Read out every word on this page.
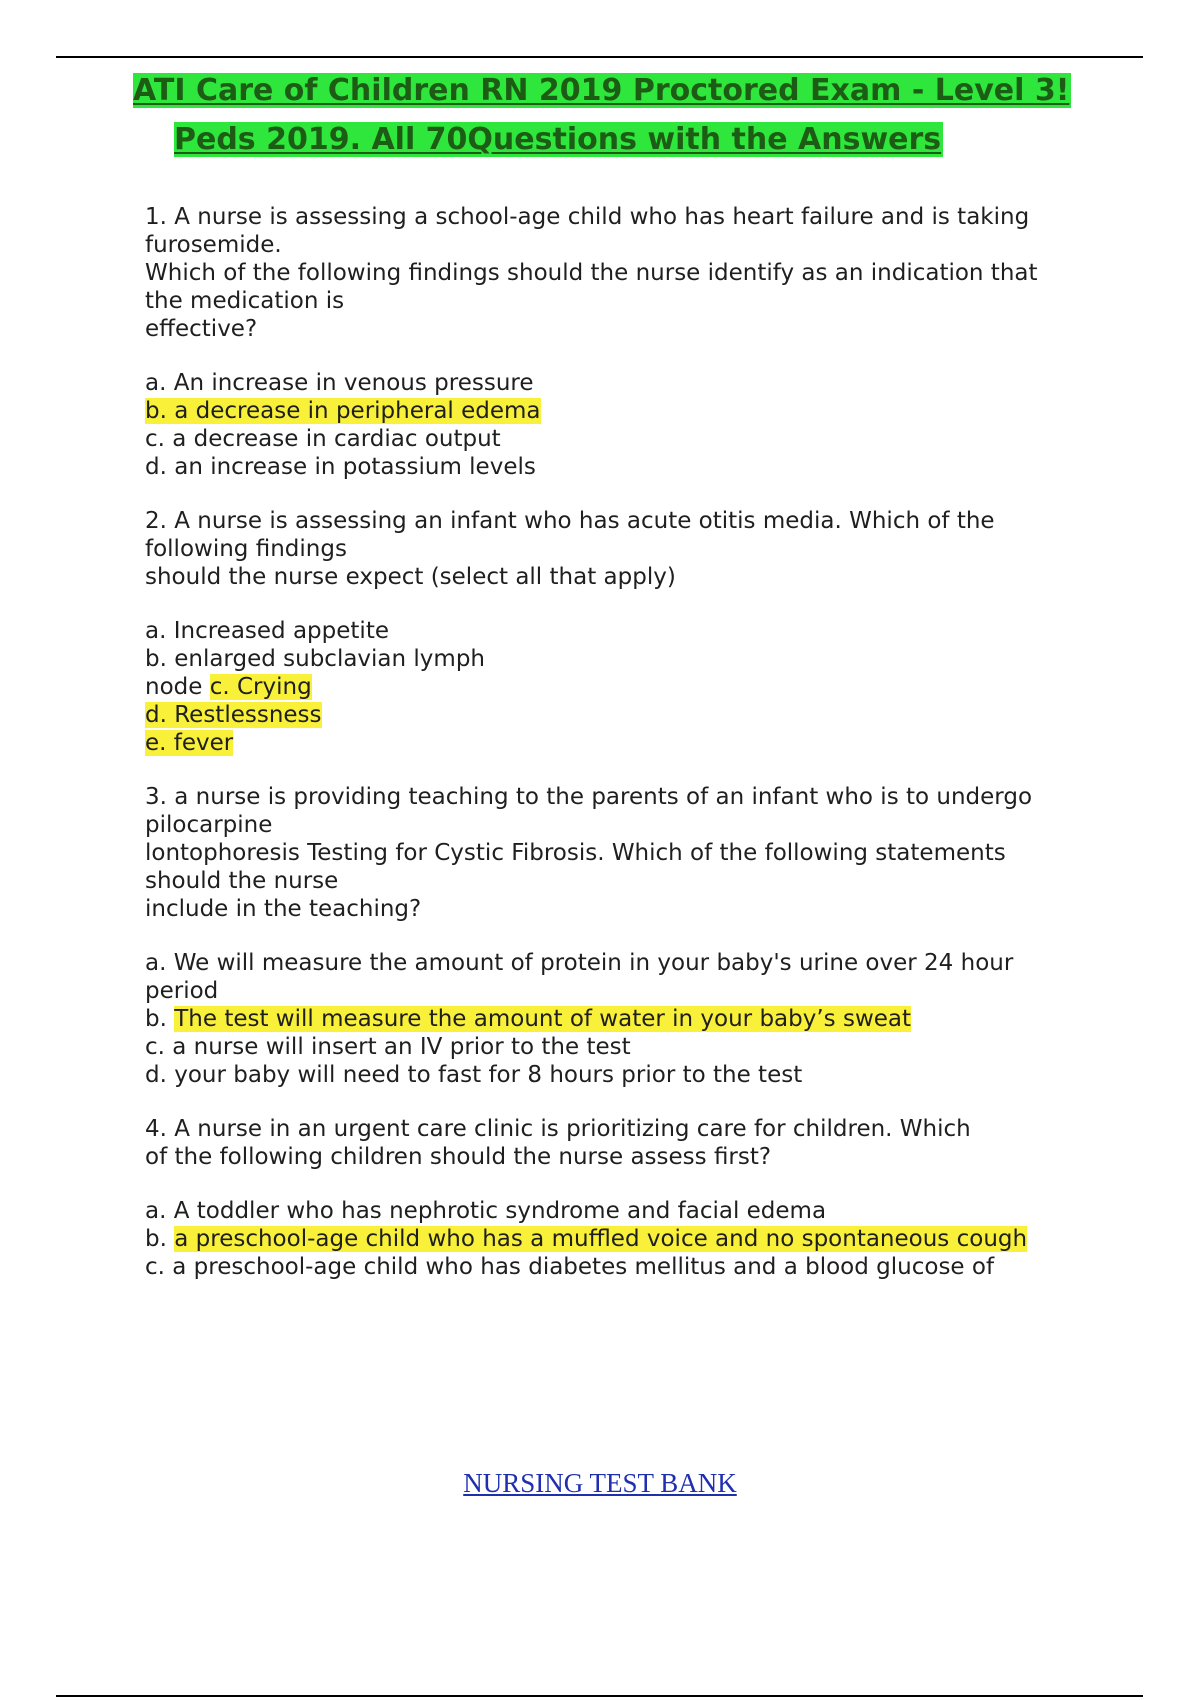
ATI Care of Children RN 2019 Proctored Exam - Level 3!
Peds 2019. All 70Questions with the Answers
1. A nurse is assessing a school-age child who has heart failure and is taking
furosemide.
Which of the following findings should the nurse identify as an indication that
the medication is
effective?
a. An increase in venous pressure
b. a decrease in peripheral edema
c. a decrease in cardiac output
d. an increase in potassium levels
2. A nurse is assessing an infant who has acute otitis media. Which of the
following findings
should the nurse expect (select all that apply)
a. Increased appetite
b. enlarged subclavian lymph
node c. Crying
d. Restlessness
e. fever
3. a nurse is providing teaching to the parents of an infant who is to undergo
pilocarpine
lontophoresis Testing for Cystic Fibrosis. Which of the following statements
should the nurse
include in the teaching?
a. We will measure the amount of protein in your baby's urine over 24 hour
period
b. The test will measure the amount of water in your baby’s sweat
c. a nurse will insert an IV prior to the test
d. your baby will need to fast for 8 hours prior to the test
4. A nurse in an urgent care clinic is prioritizing care for children. Which
of the following children should the nurse assess first?
a. A toddler who has nephrotic syndrome and facial edema
b. a preschool-age child who has a muffled voice and no spontaneous cough
c. a preschool-age child who has diabetes mellitus and a blood glucose of
NURSING TEST BANK
